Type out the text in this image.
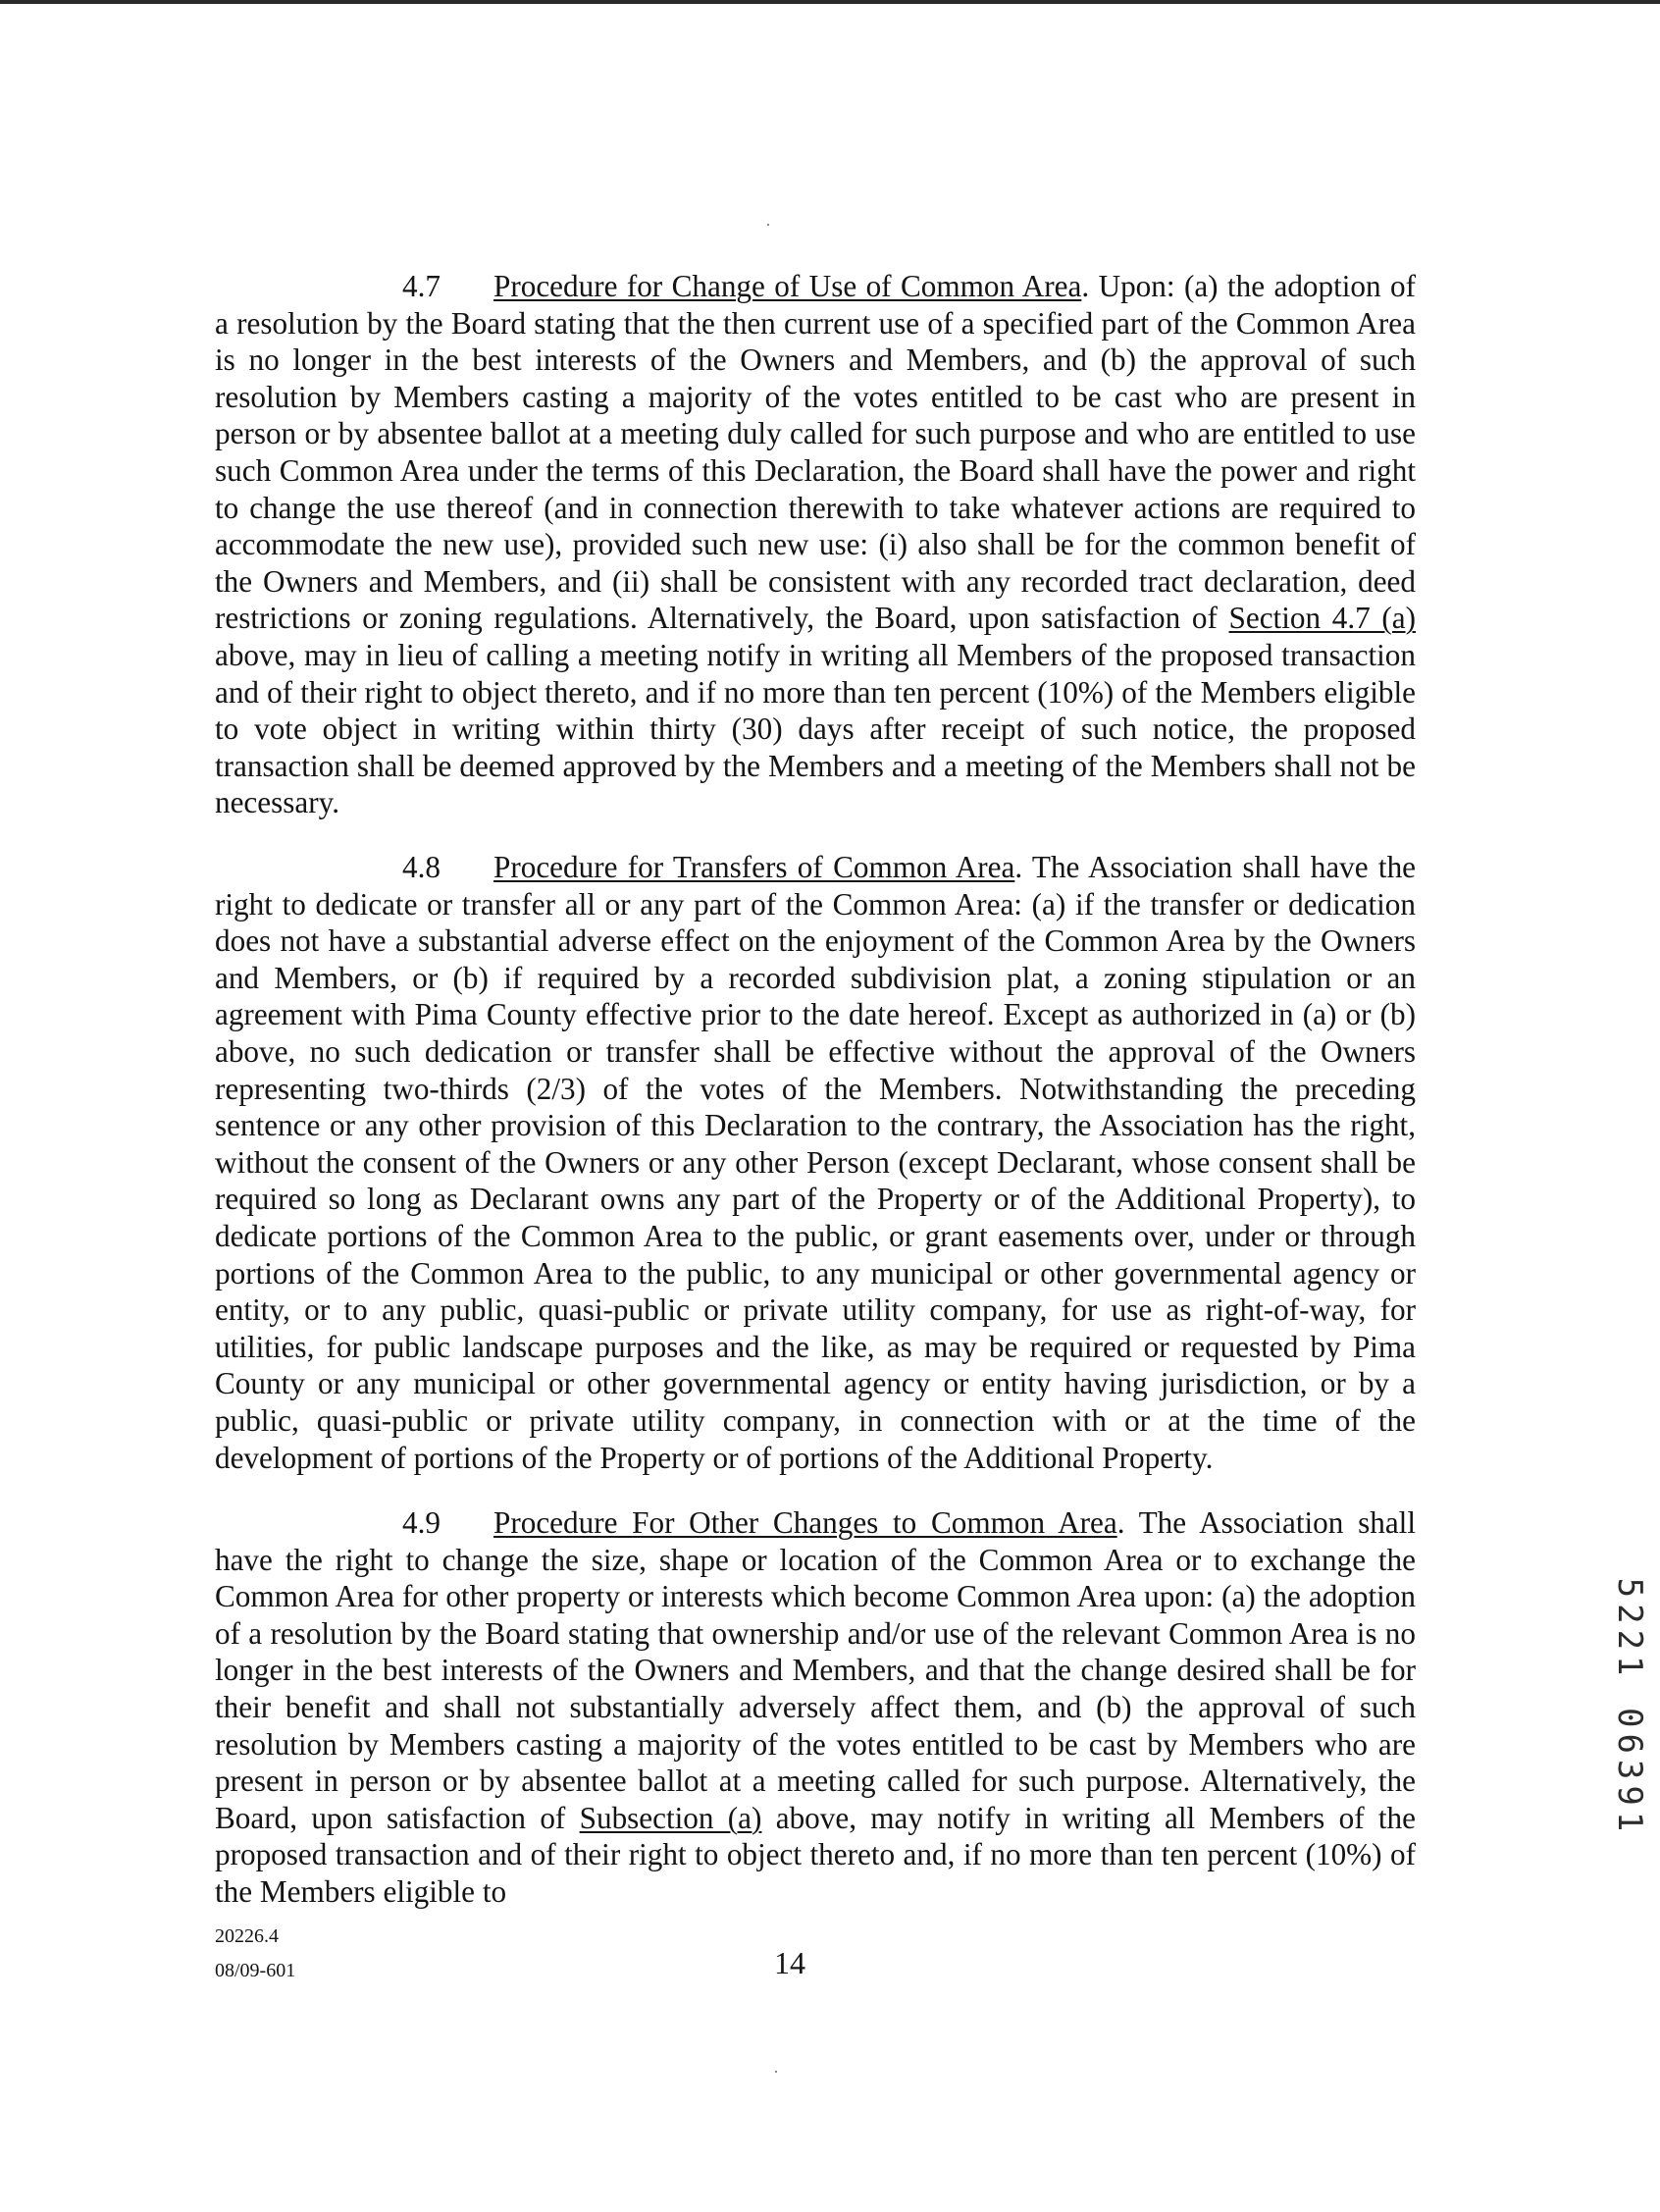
4.7 Procedure for Change of Use of Common Area. Upon: (a) the adoption of a resolution by the Board stating that the then current use of a specified part of the Common Area is no longer in the best interests of the Owners and Members, and (b) the approval of such resolution by Members casting a majority of the votes entitled to be cast who are present in person or by absentee ballot at a meeting duly called for such purpose and who are entitled to use such Common Area under the terms of this Declaration, the Board shall have the power and right to change the use thereof (and in connection therewith to take whatever actions are required to accommodate the new use), provided such new use: (i) also shall be for the common benefit of the Owners and Members, and (ii) shall be consistent with any recorded tract declaration, deed restrictions or zoning regulations. Alternatively, the Board, upon satisfaction of Section 4.7 (a) above, may in lieu of calling a meeting notify in writing all Members of the proposed transaction and of their right to object thereto, and if no more than ten percent (10%) of the Members eligible to vote object in writing within thirty (30) days after receipt of such notice, the proposed transaction shall be deemed approved by the Members and a meeting of the Members shall not be necessary.

4.8 Procedure for Transfers of Common Area. The Association shall have the right to dedicate or transfer all or any part of the Common Area: (a) if the transfer or dedication does not have a substantial adverse effect on the enjoyment of the Common Area by the Owners and Members, or (b) if required by a recorded subdivision plat, a zoning stipulation or an agreement with Pima County effective prior to the date hereof. Except as authorized in (a) or (b) above, no such dedication or transfer shall be effective without the approval of the Owners representing two-thirds (2/3) of the votes of the Members. Notwithstanding the preceding sentence or any other provision of this Declaration to the contrary, the Association has the right, without the consent of the Owners or any other Person (except Declarant, whose consent shall be required so long as Declarant owns any part of the Property or of the Additional Property), to dedicate portions of the Common Area to the public, or grant easements over, under or through portions of the Common Area to the public, to any municipal or other governmental agency or entity, or to any public, quasi-public or private utility company, for use as right-of-way, for utilities, for public landscape purposes and the like, as may be required or requested by Pima County or any municipal or other governmental agency or entity having jurisdiction, or by a public, quasi-public or private utility company, in connection with or at the time of the development of portions of the Property or of portions of the Additional Property.

4.9 Procedure For Other Changes to Common Area. The Association shall have the right to change the size, shape or location of the Common Area or to exchange the Common Area for other property or interests which become Common Area upon: (a) the adoption of a resolution by the Board stating that ownership and/or use of the relevant Common Area is no longer in the best interests of the Owners and Members, and that the change desired shall be for their benefit and shall not substantially adversely affect them, and (b) the approval of such resolution by Members casting a majority of the votes entitled to be cast by Members who are present in person or by absentee ballot at a meeting called for such purpose. Alternatively, the Board, upon satisfaction of Subsection (a) above, may notify in writing all Members of the proposed transaction and of their right to object thereto and, if no more than ten percent (10%) of the Members eligible to

20226.4
08/09-601	14
5221 06391
